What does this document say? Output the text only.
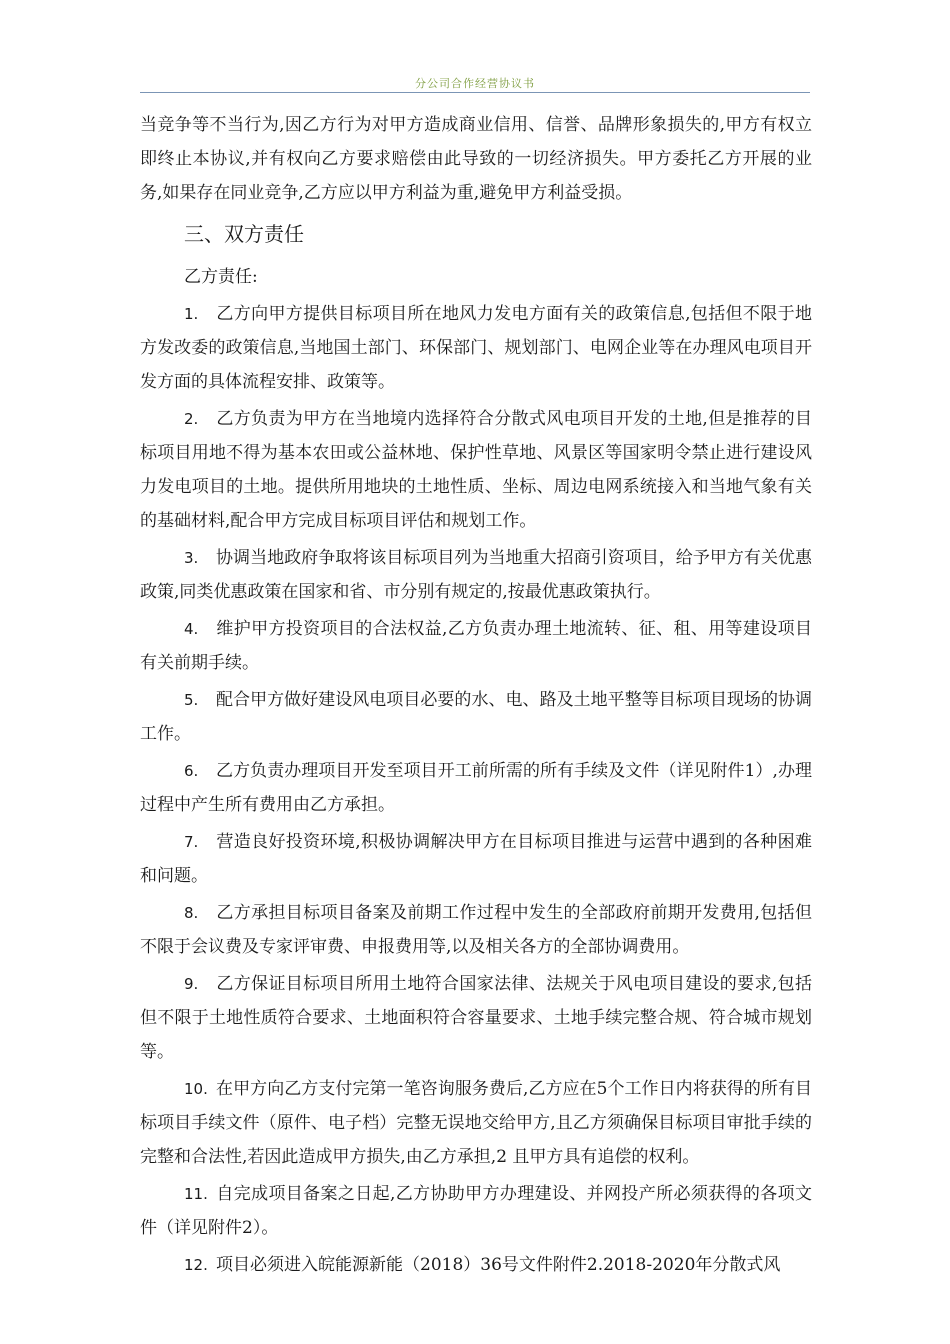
分公司合作经营协议书

当竞争等不当行为,因乙方行为对甲方造成商业信用、信誉、品牌形象损失的,甲方有权立即终止本协议,并有权向乙方要求赔偿由此导致的一切经济损失。甲方委托乙方开展的业务,如果存在同业竞争,乙方应以甲方利益为重,避免甲方利益受损。

三、双方责任
乙方责任:

1. 乙方向甲方提供目标项目所在地风力发电方面有关的政策信息,包括但不限于地方发改委的政策信息,当地国土部门、环保部门、规划部门、电网企业等在办理风电项目开发方面的具体流程安排、政策等。

2. 乙方负责为甲方在当地境内选择符合分散式风电项目开发的土地,但是推荐的目标项目用地不得为基本农田或公益林地、保护性草地、风景区等国家明令禁止进行建设风力发电项目的土地。提供所用地块的土地性质、坐标、周边电网系统接入和当地气象有关的基础材料,配合甲方完成目标项目评估和规划工作。

3. 协调当地政府争取将该目标项目列为当地重大招商引资项目，给予甲方有关优惠政策,同类优惠政策在国家和省、市分别有规定的,按最优惠政策执行。

4. 维护甲方投资项目的合法权益,乙方负责办理土地流转、征、租、用等建设项目有关前期手续。

5. 配合甲方做好建设风电项目必要的水、电、路及土地平整等目标项目现场的协调工作。

6. 乙方负责办理项目开发至项目开工前所需的所有手续及文件（详见附件1）,办理过程中产生所有费用由乙方承担。

7. 营造良好投资环境,积极协调解决甲方在目标项目推进与运营中遇到的各种困难和问题。

8. 乙方承担目标项目备案及前期工作过程中发生的全部政府前期开发费用,包括但不限于会议费及专家评审费、申报费用等,以及相关各方的全部协调费用。

9. 乙方保证目标项目所用土地符合国家法律、法规关于风电项目建设的要求,包括但不限于土地性质符合要求、土地面积符合容量要求、土地手续完整合规、符合城市规划等。

10. 在甲方向乙方支付完第一笔咨询服务费后,乙方应在5个工作日内将获得的所有目标项目手续文件（原件、电子档）完整无误地交给甲方,且乙方须确保目标项目审批手续的完整和合法性,若因此造成甲方损失,由乙方承担,2 且甲方具有追偿的权利。

11. 自完成项目备案之日起,乙方协助甲方办理建设、并网投产所必须获得的各项文件（详见附件2）。

12. 项目必须进入皖能源新能（2018）36号文件附件2.2018-2020年分散式风
